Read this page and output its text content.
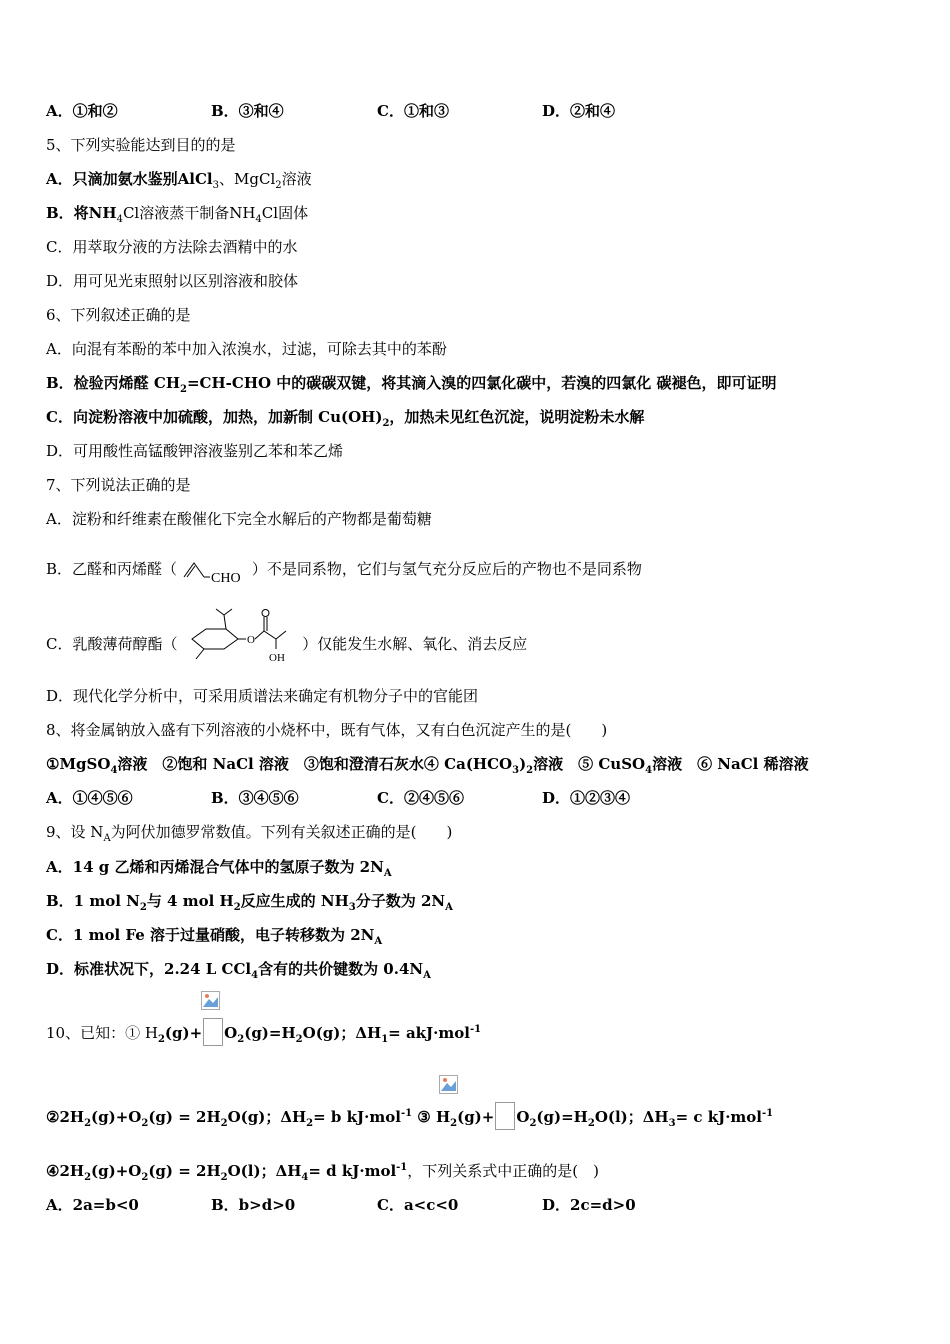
A．①和②	B．③和④	C．①和③	D．②和④
5、下列实验能达到目的的是
A．只滴加氨水鉴别AlCl$_3$、MgCl$_2$溶液
B．将$NH_4Cl$溶液蒸干制备$NH_4Cl$固体
C．用萃取分液的方法除去酒精中的水
D．用可见光束照射以区别溶液和胶体
6、下列叙述正确的是
A．向混有苯酚的苯中加入浓溴水，过滤，可除去其中的苯酚
B．检验丙烯醛 $CH_2=CH$-CHO 中的碳碳双键，将其滴入溴的四氯化碳中，若溴的四氯化 碳褪色，即可证明
C．向淀粉溶液中加硫酸，加热，加新制 $Cu(OH)_2$，加热未见红色沉淀，说明淀粉未水解
D．可用酸性高锰酸钾溶液鉴别乙苯和苯乙烯
7、下列说法正确的是
A．淀粉和纤维素在酸催化下完全水解后的产物都是葡萄糖
B．乙醛和丙烯醛（
CHO
）不是同系物，它们与氢气充分反应后的产物也不是同系物
C．乳酸薄荷醇酯（	O
OH
）仅能发生水解、氧化、消去反应
D．现代化学分析中，可采用质谱法来确定有机物分子中的官能团
8、将金属钠放入盛有下列溶液的小烧杯中，既有气体，又有白色沉淀产生的是(　　)
①MgSO$_4$溶液　②饱和 NaCl 溶液　③饱和澄清石灰水④ $Ca(HCO_3)_2$溶液　⑤ CuSO$_4$溶液　⑥ NaCl 稀溶液
A．①④⑤⑥	B．③④⑤⑥	C．②④⑤⑥	D．①②③④
9、设 $N_A$为阿伏加德罗常数值。下列有关叙述正确的是(　　)
A．14 g 乙烯和丙烯混合气体中的氢原子数为 $2N_A$
B．1 mol $N_2$与 4 mol $H_2$反应生成的 $NH_3$分子数为 $2N_A$
C．1 mol Fe 溶于过量硝酸，电子转移数为 $2N_A$
D．标准状况下，2.24 L CCl$_4$含有的共价键数为 $0.4N_A$
10、已知：① $H_2(g)+ O_2(g)=H_2O(g)$；$\Delta H_1= akJ\cdot mol^{-1}$
$②2H_2(g)+O_2(g) = 2H_2O(g)$；$\Delta H_2= b$ kJ·mol$^{-1}$ ③ $H_2(g)+ O_2(g)=H_2O(l)$；$\Delta H_3= c$ kJ·mol$^{-1}$
$④2H_2(g)+O_2(g) = 2H_2O(l)$；$\Delta H_4= d$ kJ·mol$^{-1}$，下列关系式中正确的是(　)
A．2a=b<0	B．b>d>0	C．a<c<0	D．2c=d>0
